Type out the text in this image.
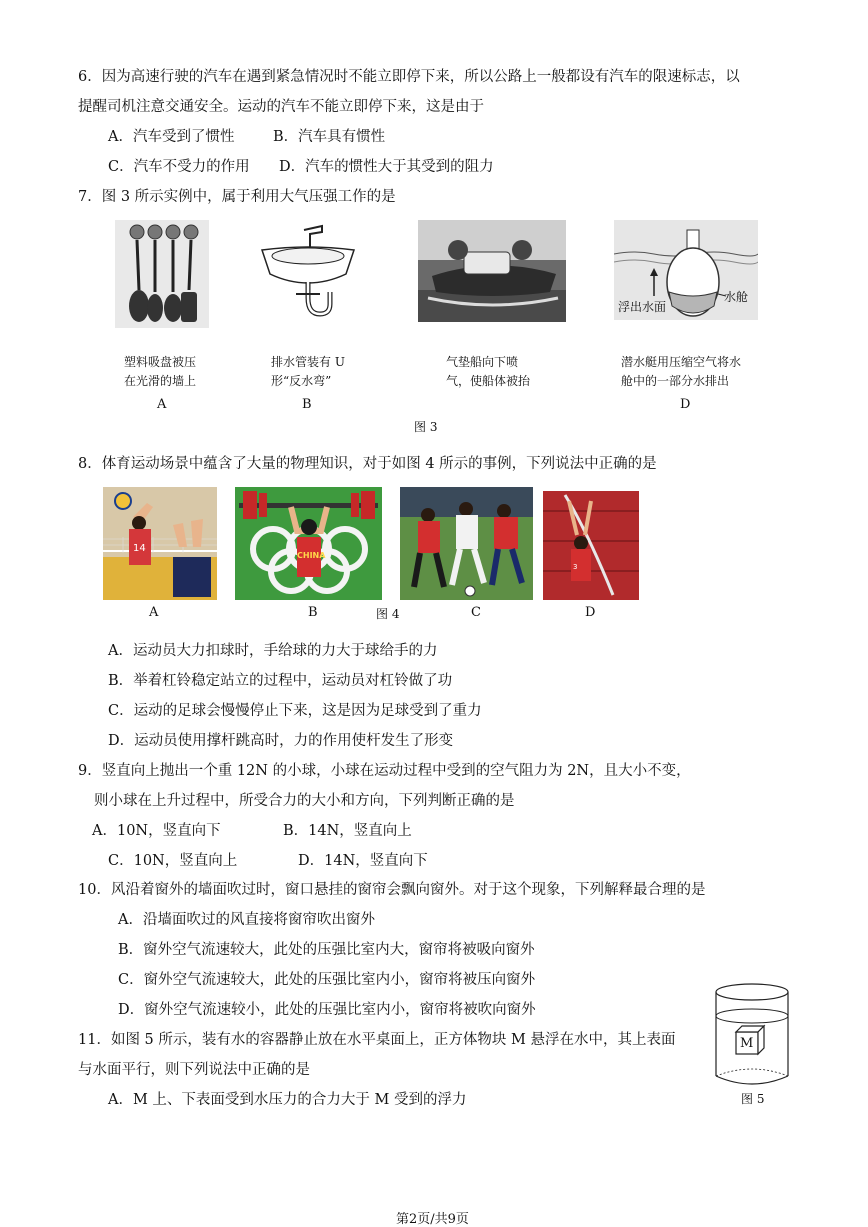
6．因为高速行驶的汽车在遇到紧急情况时不能立即停下来，所以公路上一般都设有汽车的限速标志，以
提醒司机注意交通安全。运动的汽车不能立即停下来，这是由于
A．汽车受到了惯性	B．汽车具有惯性
C．汽车不受力的作用 D．汽车的惯性大于其受到的阻力
7．图 3 所示实例中，属于利用大气压强工作的是
塑料吸盘被压
在光滑的墙上
A
排水管装有 U
形“反水弯”
B
气垫船向下喷
气，使船体被抬
浮出水面
水舱
潜水艇用压缩空气将水
舱中的一部分水排出
D
图 3
8．体育运动场景中蕴含了大量的物理知识，对于如图 4 所示的事例，下列说法中正确的是
14
A
CHINA
B	图 4	C
3
D
A．运动员大力扣球时，手给球的力大于球给手的力
B．举着杠铃稳定站立的过程中，运动员对杠铃做了功
C．运动的足球会慢慢停止下来，这是因为足球受到了重力
D．运动员使用撑杆跳高时，力的作用使杆发生了形变
9．竖直向上抛出一个重 12N 的小球，小球在运动过程中受到的空气阻力为 2N，且大小不变，
则小球在上升过程中，所受合力的大小和方向，下列判断正确的是
A．10N，竖直向下	B．14N，竖直向上
C．10N，竖直向上	D．14N，竖直向下
10．风沿着窗外的墙面吹过时，窗口悬挂的窗帘会飘向窗外。对于这个现象，下列解释最合理的是
A．沿墙面吹过的风直接将窗帘吹出窗外
B．窗外空气流速较大，此处的压强比室内大，窗帘将被吸向窗外
C．窗外空气流速较大，此处的压强比室内小，窗帘将被压向窗外
D．窗外空气流速较小，此处的压强比室内小，窗帘将被吹向窗外
11．如图 5 所示，装有水的容器静止放在水平桌面上，正方体物块 M 悬浮在水中，其上表面
与水面平行，则下列说法中正确的是
A．M 上、下表面受到水压力的合力大于 M 受到的浮力
M
图 5
第2页/共9页
